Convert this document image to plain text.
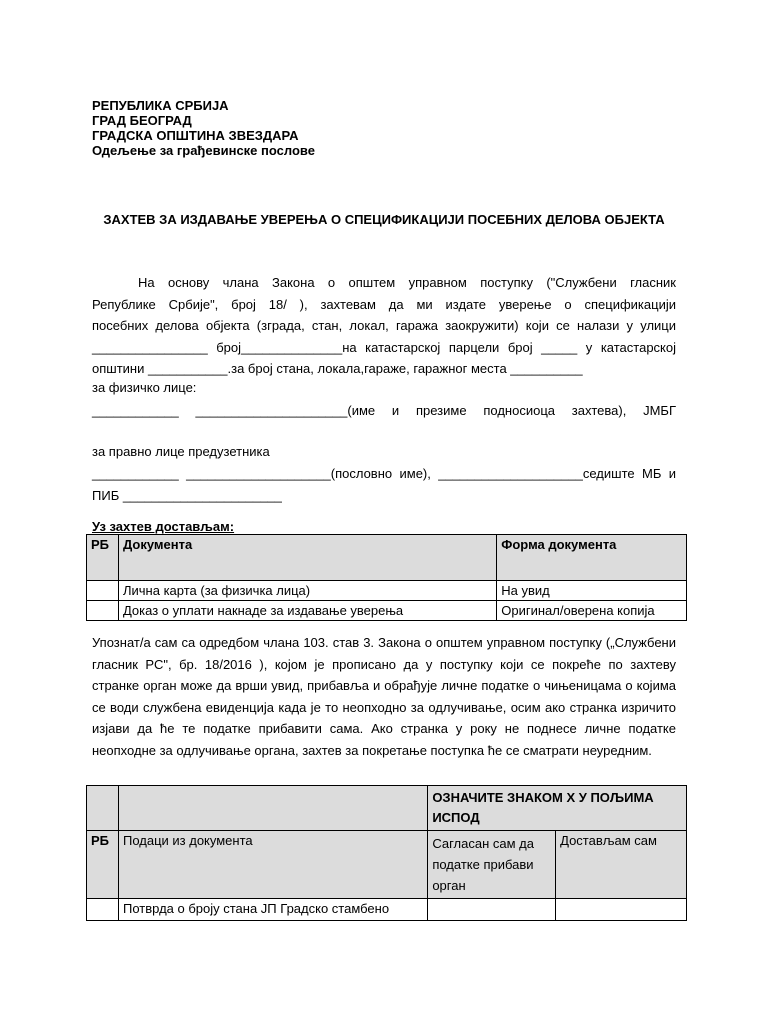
РЕПУБЛИКА СРБИЈА
ГРАД БЕОГРАД
ГРАДСКА ОПШТИНА ЗВЕЗДАРА
Одељење за грађевинске послове
ЗАХТЕВ ЗА ИЗДАВАЊЕ УВЕРЕЊА О СПЕЦИФИКАЦИЈИ ПОСЕБНИХ ДЕЛОВА ОБЈЕКТА
На основу члана Закона о општем управном поступку ("Службени гласник
Републике Србије", број 18/ ), захтевам да ми издате уверење о спецификацији
посебних делова објекта (зграда, стан, локал, гаража заокружити) који се налази у улици
________________ број______________на катастарској парцели број _____ у катастарској
општини ___________.за број стана, локала,гараже, гаражног места __________
за физичко лице:
____________ _____________________(име и презиме подносиоца захтева), ЈМБГ
за правно лице предузетника
____________ ____________________(пословно име), ____________________седиште МБ и
ПИБ ______________________
Уз захтев достављам:
РБ	Документа	Форма документа
	Лична карта (за физичка лица)	На увид
	Доказ о уплати накнаде за издавање уверења	Оригинал/оверена копија
Упознат/а сам са одредбом члана 103. став 3. Закона о општем управном поступку („Службени
гласник РС", бр. 18/2016 ), којом је прописано да у поступку који се покреће по захтеву
странке орган може да врши увид, прибавља и обрађује личне податке о чињеницама о којима
се води службена евиденција када је то неопходно за одлучивање, осим ако странка изричито
изјави да ће те податке прибавити сама. Ако странка у року не поднесе личне податке
неопходне за одлучивање органа, захтев за покретање поступка ће се сматрати неуредним.
		ОЗНАЧИТЕ ЗНАКОМ Х У ПОЉИМА ИСПОД	
РБ	Подаци из документа	Сагласан сам да податке прибави орган	Достављам сам
	Потврда о броју стана ЈП Градско стамбено		
